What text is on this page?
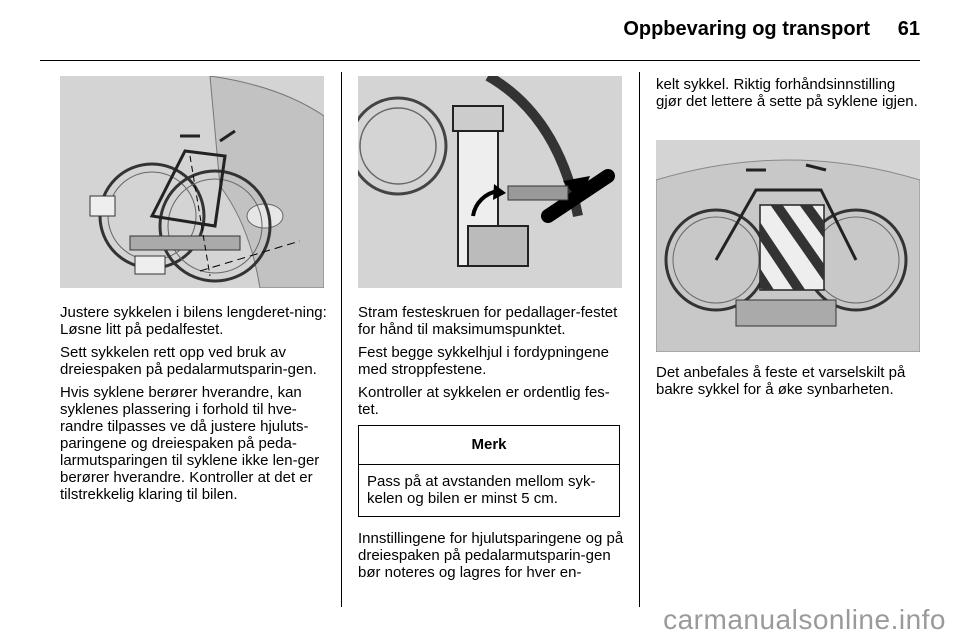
Oppbevaring og transport 61

Justere sykkelen i bilens lengderet-ning: Løsne litt på pedalfestet.

Sett sykkelen rett opp ved bruk av dreiespaken på pedalarmutsparin-gen.

Hvis syklene berører hverandre, kan syklenes plassering i forhold til hve-randre tilpasses ve då justere hjuluts-paringene og dreiespaken på peda-larmutsparingen til syklene ikke len-ger berører hverandre. Kontroller at det er tilstrekkelig klaring til bilen.

Stram festeskruen for pedallager-festet for hånd til maksimumspunktet.

Fest begge sykkelhjul i fordypningene med stroppfestene.

Kontroller at sykkelen er ordentlig fes-tet.

Merk
Pass på at avstanden mellom syk-kelen og bilen er minst 5 cm.

Innstillingene for hjulutsparingene og på dreiespaken på pedalarmutsparin-gen bør noteres og lagres for hver en-

kelt sykkel. Riktig forhåndsinnstilling gjør det lettere å sette på syklene igjen.

Det anbefales å feste et varselskilt på bakre sykkel for å øke synbarheten.

carmanualsonline.info
